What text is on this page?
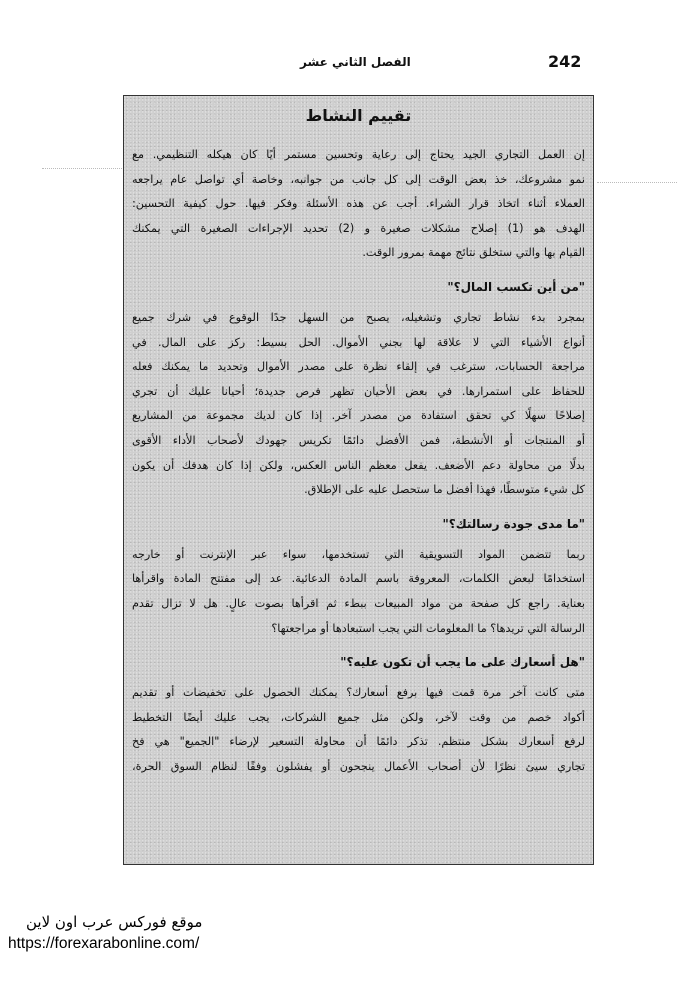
242
الفصل الثاني عشر
تقييم النشاط

إن العمل التجاري الجيد يحتاج إلى رعاية وتحسين مستمر أيًا كان هيكله التنظيمي. مع
نمو مشروعك، خذ بعض الوقت إلى كل جانب من جوانبه، وخاصة أي تواصل عام يراجعه
العملاء أثناء اتخاذ قرار الشراء. أجب عن هذه الأسئلة وفكر فيها. حول كيفية التحسين:
الهدف هو (1) إصلاح مشكلات صغيرة و (2) تحديد الإجراءات الصغيرة التي يمكنك
القيام بها والتي ستخلق نتائج مهمة بمرور الوقت.

"من أين تكسب المال؟"

بمجرد بدء نشاط تجاري وتشغيله، يصبح من السهل جدًا الوقوع في شرك جميع
أنواع الأشياء التي لا علاقة لها بجني الأموال. الحل بسيط: ركز على المال. في
مراجعة الحسابات، سترغب في إلقاء نظرة على مصدر الأموال وتحديد ما يمكنك فعله
للحفاظ على استمرارها. في بعض الأحيان تظهر فرص جديدة؛ أحيانا عليك أن تجري
إصلاحًا سهلًا كي تحقق استفادة من مصدر آخر. إذا كان لديك مجموعة من المشاريع
أو المنتجات أو الأنشطة، فمن الأفضل دائمًا تكريس جهودك لأصحاب الأداء الأقوى
بدلًا من محاولة دعم الأضعف. يفعل معظم الناس العكس، ولكن إذا كان هدفك أن يكون
كل شيء متوسطًا، فهذا أفضل ما ستحصل عليه على الإطلاق.

"ما مدى جودة رسالتك؟"

ربما تتضمن المواد التسويقية التي تستخدمها، سواء عبر الإنترنت أو خارجه
استخدامًا لبعض الكلمات، المعروفة باسم المادة الدعائية. عد إلى مفتتح المادة واقرأها
بعناية. راجع كل صفحة من مواد المبيعات ببطء ثم اقرأها بصوت عالٍ. هل لا تزال تقدم
الرسالة التي تريدها؟ ما المعلومات التي يجب استبعادها أو مراجعتها؟

"هل أسعارك على ما يجب أن تكون عليه؟"

متى كانت آخر مرة قمت فيها برفع أسعارك؟ يمكنك الحصول على تخفيضات أو تقديم
أكواد خصم من وقت لآخر، ولكن مثل جميع الشركات، يجب عليك أيضًا التخطيط
لرفع أسعارك بشكل منتظم. تذكر دائمًا أن محاولة التسعير لإرضاء "الجميع" هي فخ
تجاري سيئ نظرًا لأن أصحاب الأعمال ينجحون أو يفشلون وفقًا لنظام السوق الحرة،

موقع فوركس عرب اون لاين
https://forexarabonline.com/
